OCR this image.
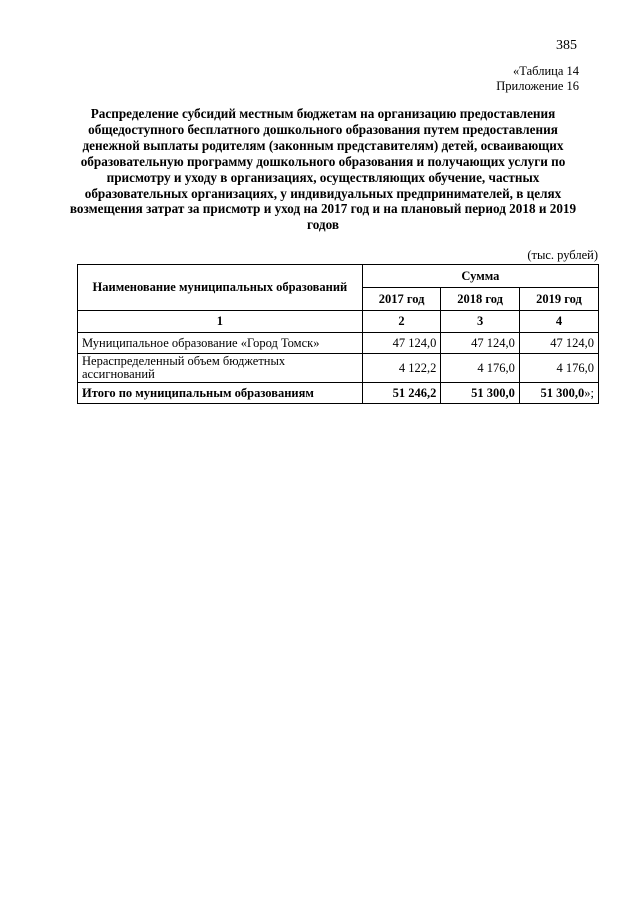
385
«Таблица 14
Приложение 16
Распределение субсидий местным бюджетам на организацию предоставления общедоступного бесплатного дошкольного образования путем предоставления денежной выплаты родителям (законным представителям) детей, осваивающих образовательную программу дошкольного образования и получающих услуги по присмотру и уходу в организациях, осуществляющих обучение, частных образовательных организациях, у индивидуальных предпринимателей, в целях возмещения затрат за присмотр и уход на 2017 год и на плановый период 2018 и 2019 годов
(тыс. рублей)
Наименование муниципальных образований	Сумма		
	2017 год	2018 год	2019 год
1	2	3	4
Муниципальное образование «Город Томск»	47 124,0	47 124,0	47 124,0
Нераспределенный объем бюджетных ассигнований	4 122,2	4 176,0	4 176,0
Итого по муниципальным образованиям	51 246,2	51 300,0	51 300,0»;
